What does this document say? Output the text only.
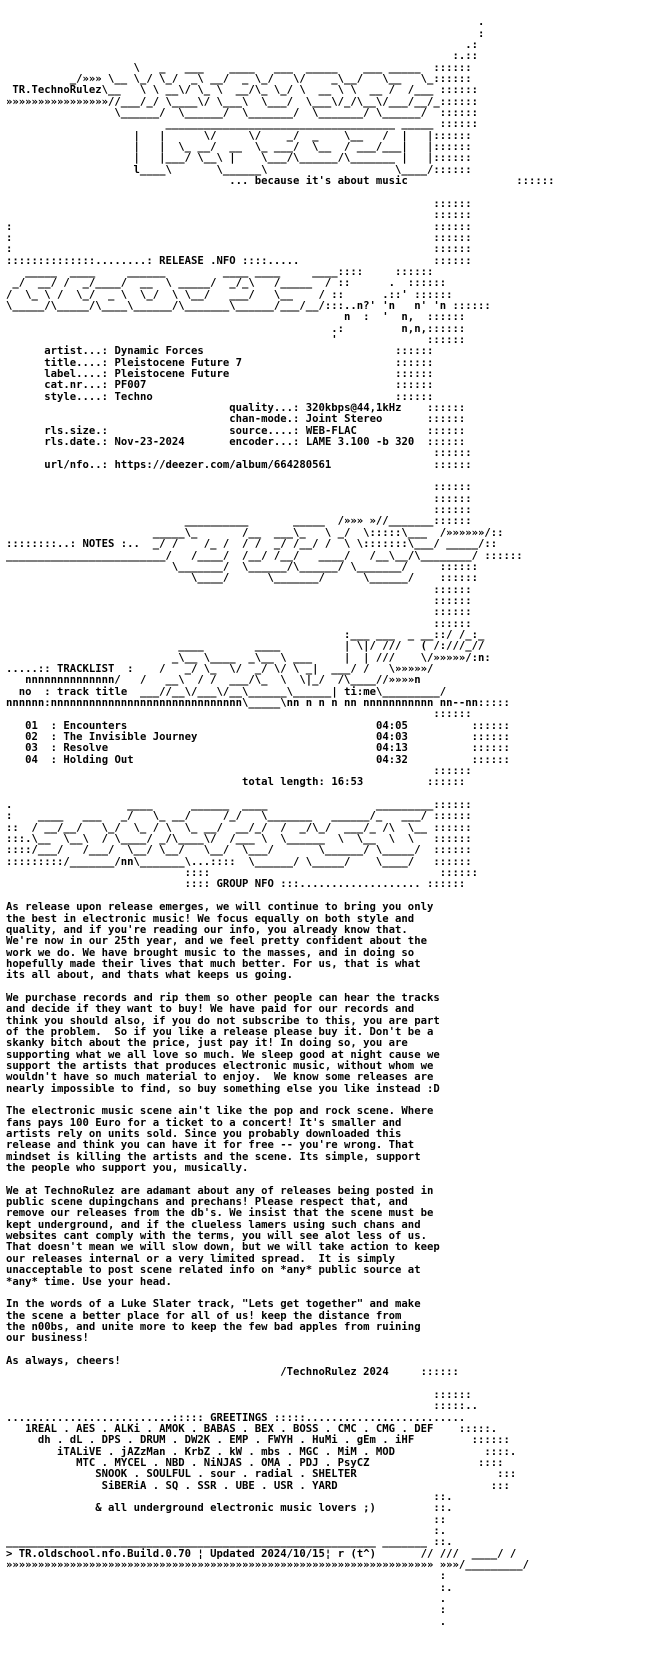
.
:
.:
:.::
\   _   ___    ____   ___  _____    ___ _____  ::::::
_/»»» \__ \_/ \_/  _\ __/  _ \_/   \/    _\__/   \__   \_::::::
TR.TechnoRulez\__   \ \ __\/ \_ \  __/\_ \_/ \  __ \ \  __ /  /___ ::::::
»»»»»»»»»»»»»»»»//___/_/ \____\/ \___\  \___/  \___\/_/\__\/___/__/_::::::
\______/  \______/  \_______/  \_______/ \______/  ::::::
____________________________________ _____ ::::::
|   |      \/     \/    _/  _    \__   /  |   |::::::
|   |  \_ __/  __  \_ ___/  \__  / ___/___|   |::::::
|   |___/ \__\ |    \___/\______/\_______ |   |::::::
l____\       \______\                    \____/::::::

... because it's about music                 ::::::

::::::
::::::
:                                                                  ::::::
:                                                                  ::::::
:                                                                  ::::::
::::::::::::::........: RELEASE .NFO ::::.....                     ::::::
_____  ____     ______         ____ ____     ____::::     ::::::
_/  __/ /  _/____/  __  \ _____/  _/_\   /_____  / ::      .  ::::::
/  \_ \ /  \_/  _ \  \_/  \ \__/   ___/   \__    / ::      .::' ::::::
\_____/\_____/\____\______/\_______\______/___/__/:::..n?' 'n   n' 'n ::::::
n  :  '  n,  ::::::
.:         n,n,::::::
'              ::::::
artist...: Dynamic Forces                              ::::::
title....: Pleistocene Future 7                        ::::::
label....: Pleistocene Future                          ::::::
cat.nr...: PF007                                       ::::::
style....: Techno                                      ::::::
quality...: 320kbps@44,1kHz    ::::::
chan-mode.: Joint Stereo       ::::::
rls.size.:	source....: WEB-FLAC           ::::::
rls.date.: Nov-23-2024	encoder...: LAME 3.100 -b 320  ::::::
::::::
url/nfo..: https://deezer.com/album/664280561                ::::::

::::::
::::::
::::::
__________       _____  /»»» »//_______::::::
_____\_       /__  ___\_   \ _/  \:::::\___  /»»»»»»/::
::::::::..: NOTES :..  _/ /    /_ /  / /  _/ /__/ /  \ \:::::::\___/ _____/::
_________________________/   /____/  /__/ /__/   ____/   /__\__/\________/ ::::::
\_______/  \______/\______/ \_______/     ::::::
\____/      \_______/      \______/    ::::::
::::::
::::::
::::::
::::::
:___ ___  _ __::/ /_:_
____        ____          | \|/ ///   ( /:///_//
_\__ \____  _\__ \ ___     |  | ///    \/»»»»»/:n:
.....:: TRACKLIST  :    /   _/ \_  \/  _/ \/ \ _|  ___/ /   \»»»»»/
nnnnnnnnnnnnnn/   /   __\  / /  ___/\_  \  \|_/  /\____//»»»»n
no : track title  ___//__\/___\/__\______\______| ti:me\_________/
nnnnnn:nnnnnnnnnnnnnnnnnnnnnnnnnnnnnn\_____\nn n n n nn nnnnnnnnnnn nn--nn:::::
::::::
01  : Encounters	04:05          ::::::
02  : The Invisible Journey	04:03          ::::::
03  : Resolve	04:13          ::::::
04  : Holding Out	04:32          ::::::
::::::
total length: 16:53          ::::::

.                  ____      ______  ____                 _________::::::
:    ____   ___   _/   \_ __/     /_/   \_______   ______/_   ___/ ::::::
::  / __/__/   \_/  \_ / \  \_ __/  __/_/  /  _/\_/  ___/_ /\  \__ ::::::
:::.\__  \__\  / \____/ _/\____\/  /___ \  \______  \  \__  \  \   ::::::
::::/___/   /___/  \__/ \__/   \__/  \___/       \______/ \_____/  ::::::
:::::::::/_______/nn\_______\...::::  \______/ \_____/    \____/   ::::::
::::                                    ::::::
:::: GROUP NFO :::................... ::::::

As release upon release emerges, we will continue to bring you only
the best in electronic music! We focus equally on both style and
quality, and if you're reading our info, you already know that.
We're now in our 25th year, and we feel pretty confident about the
work we do. We have brought music to the masses, and in doing so
hopefully made their lives that much better. For us, that is what
its all about, and thats what keeps us going.

We purchase records and rip them so other people can hear the tracks
and decide if they want to buy! We have paid for our records and
think you should also, if you do not subscribe to this, you are part
of the problem.  So if you like a release please buy it. Don't be a
skanky bitch about the price, just pay it! In doing so, you are
supporting what we all love so much. We sleep good at night cause we
support the artists that produces electronic music, without whom we
wouldn't have so much material to enjoy.  We know some releases are
nearly impossible to find, so buy something else you like instead :D

The electronic music scene ain't like the pop and rock scene. Where
fans pays 100 Euro for a ticket to a concert! It's smaller and
artists rely on units sold. Since you probably downloaded this
release and think you can have it for free -- you're wrong. That
mindset is killing the artists and the scene. Its simple, support
the people who support you, musically.

We at TechnoRulez are adamant about any of releases being posted in
public scene dupingchans and prechans! Please respect that, and
remove our releases from the db's. We insist that the scene must be
kept underground, and if the clueless lamers using such chans and
websites cant comply with the terms, you will see alot less of us.
That doesn't mean we will slow down, but we will take action to keep
our releases internal or a very limited spread.  It is simply
unacceptable to post scene related info on *any* public source at
*any* time. Use your head.

In the words of a Luke Slater track, "Lets get together" and make
the scene a better place for all of us! keep the distance from
the n00bs, and unite more to keep the few bad apples from ruining
our business!

As always, cheers!
/TechnoRulez 2024     ::::::

::::::
:::::..
..........................::::: GREETINGS :::::.........................
1REAL . AES . ALKi . AMOK . BABAS . BEX . BOSS . CMC . CMG . DEF    :::::.
dh . dL . DPS . DRUM . DW2K . EMP . FWYH . HuMi . gEm . iHF	::::::
iTALiVE . jAZzMan . KrbZ . kW . mbs . MGC . MiM . MOD	::::.
MTC . MYCEL . NBD . NiNJAS . OMA . PDJ . PsyCZ	::::
SNOOK . SOULFUL . sour . radial . SHELTER	:::
SiBERiA . SQ . SSR . UBE . USR . YARD	:::
::.
& all underground electronic music lovers ;)	::.
::
:.
__________________________________________________________ _______ ::.
> TR.oldschool.nfo.Build.0.70 ¦ Updated 2024/10/15¦ r (t^)	// ///  ____/ /
»»»»»»»»»»»»»»»»»»»»»»»»»»»»»»»»»»»»»»»»»»»»»»»»»»»»»»»»»»»»»»»»»»» »»»/_________/
:
:.
.
:
.
